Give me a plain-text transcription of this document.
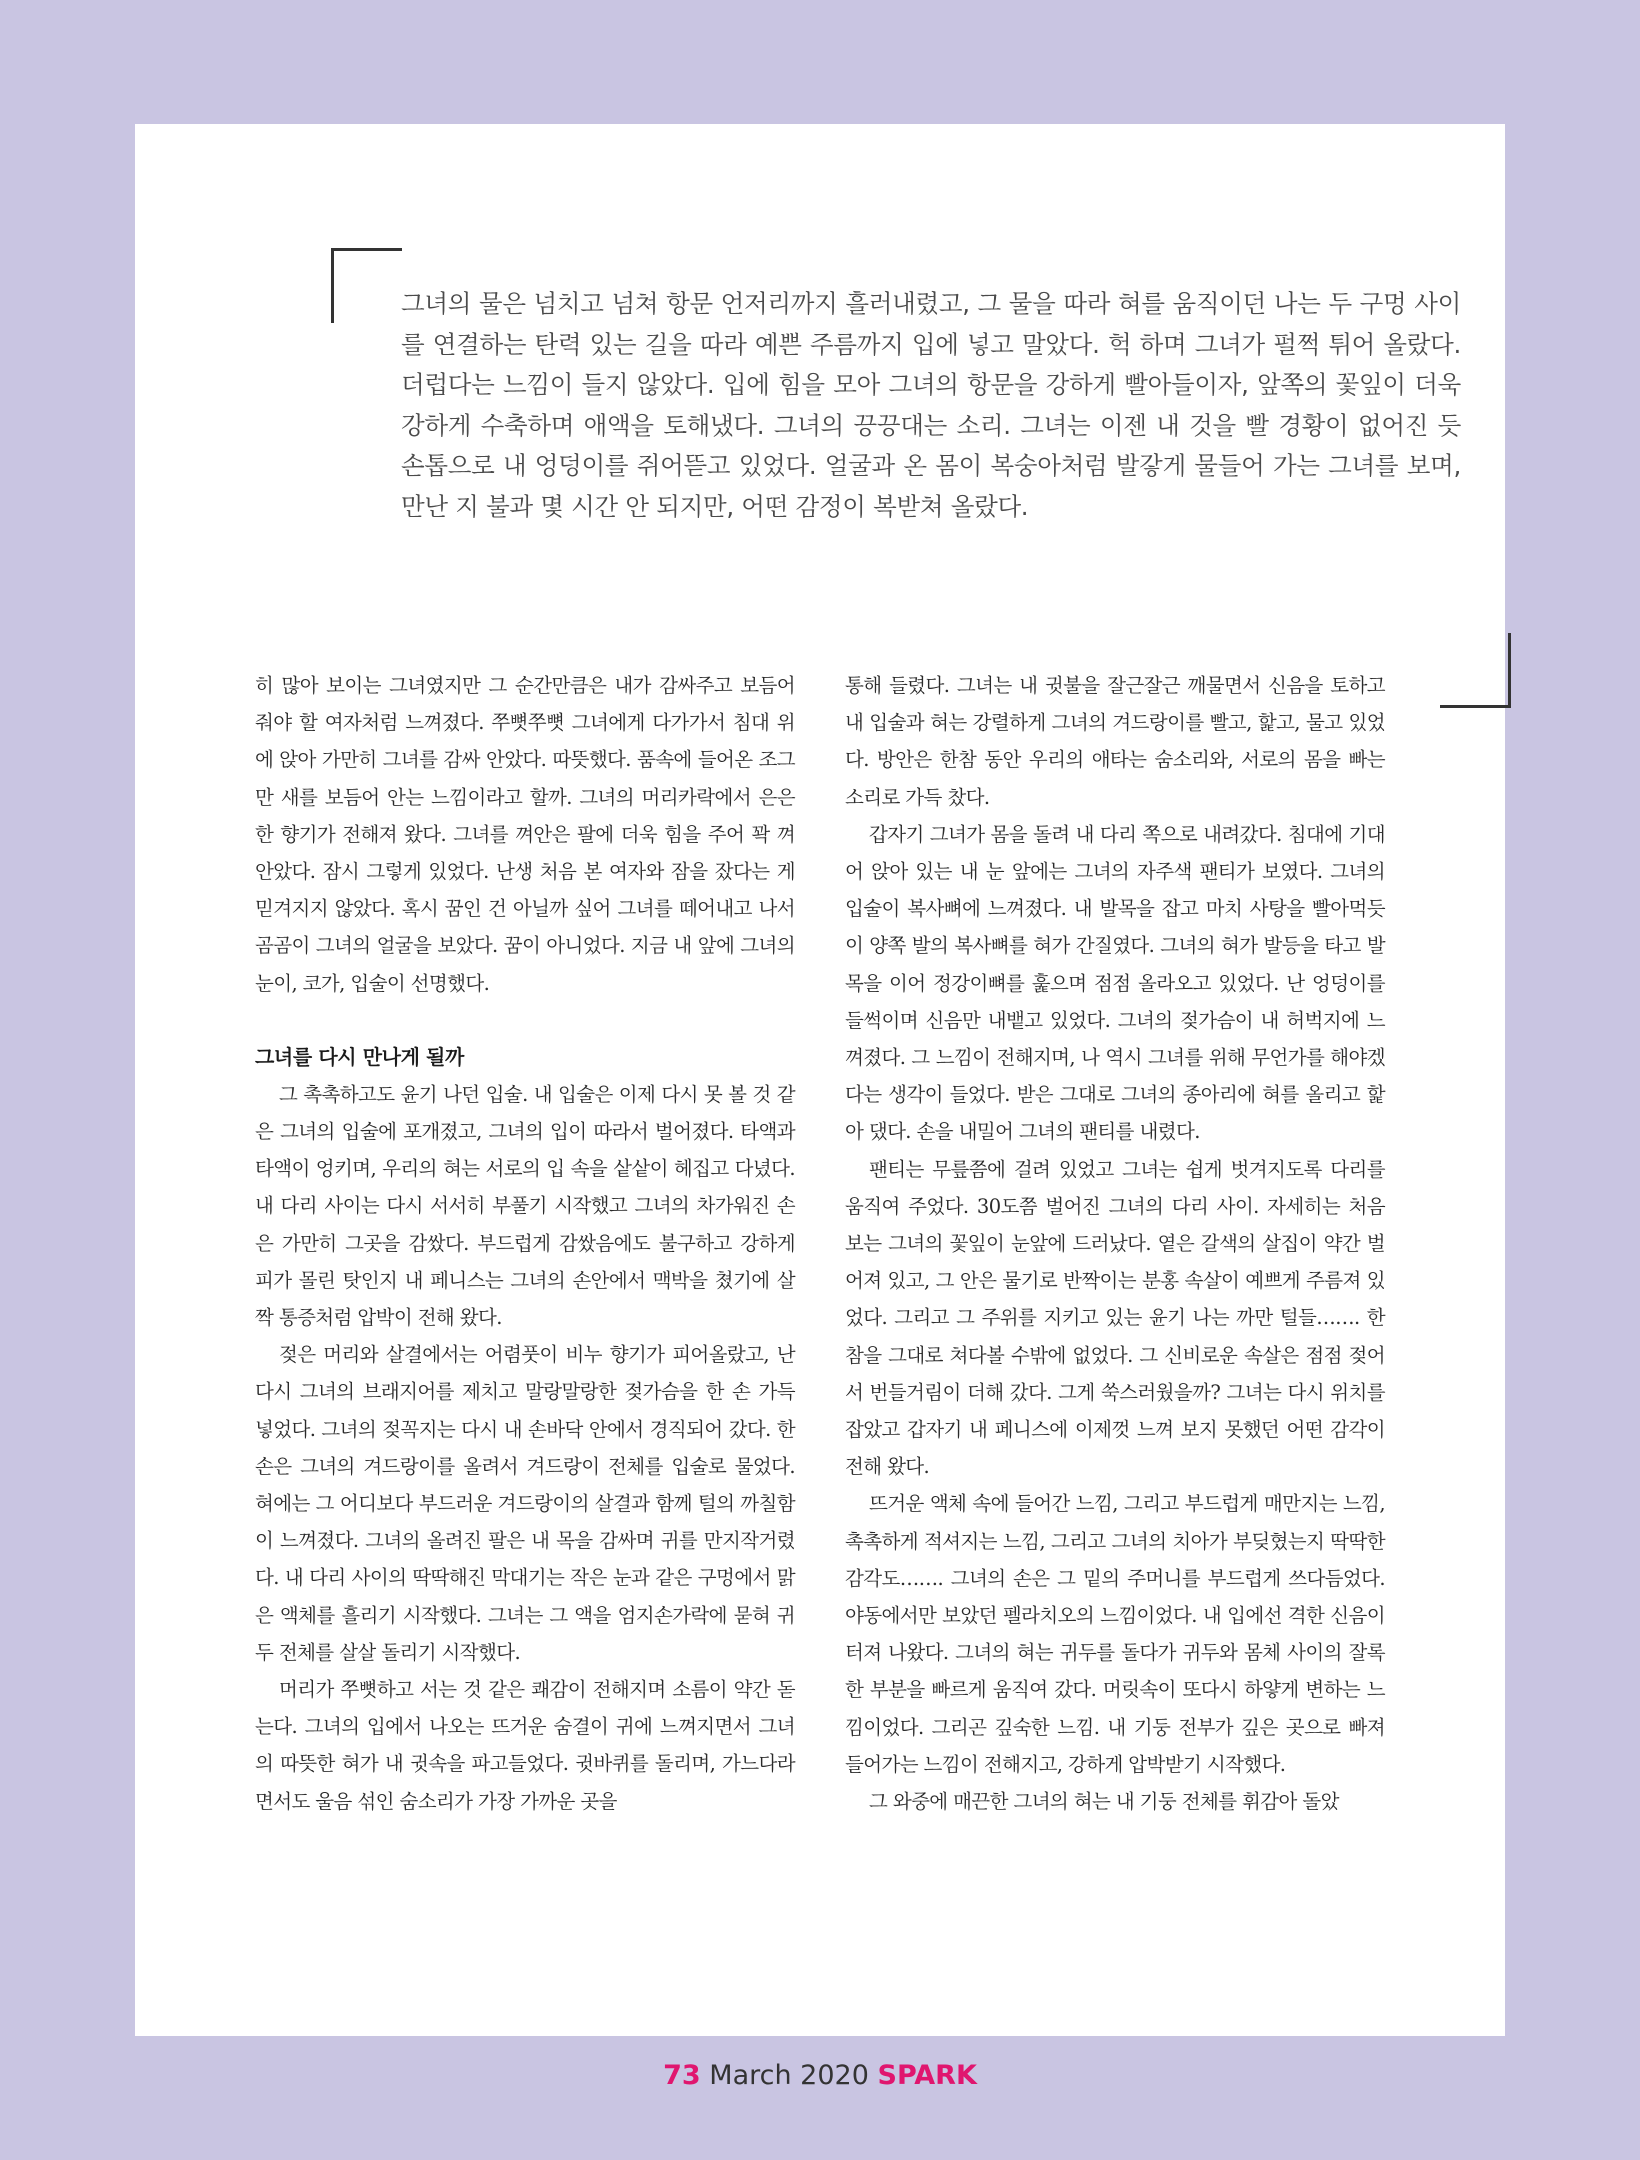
그녀의 물은 넘치고 넘쳐 항문 언저리까지 흘러내렸고, 그 물을 따라 혀를 움직이던 나는 두 구멍 사이를 연결하는 탄력 있는 길을 따라 예쁜 주름까지 입에 넣고 말았다. 헉 하며 그녀가 펄쩍 튀어 올랐다. 더럽다는 느낌이 들지 않았다. 입에 힘을 모아 그녀의 항문을 강하게 빨아들이자, 앞쪽의 꽃잎이 더욱 강하게 수축하며 애액을 토해냈다. 그녀의 끙끙대는 소리. 그녀는 이젠 내 것을 빨 경황이 없어진 듯 손톱으로 내 엉덩이를 쥐어뜯고 있었다. 얼굴과 온 몸이 복숭아처럼 발갛게 물들어 가는 그녀를 보며, 만난 지 불과 몇 시간 안 되지만, 어떤 감정이 복받쳐 올랐다.

히 많아 보이는 그녀였지만 그 순간만큼은 내가 감싸주고 보듬어 줘야 할 여자처럼 느껴졌다. 쭈뼛쭈뼛 그녀에게 다가가서 침대 위에 앉아 가만히 그녀를 감싸 안았다. 따뜻했다. 품속에 들어온 조그만 새를 보듬어 안는 느낌이라고 할까. 그녀의 머리카락에서 은은한 향기가 전해져 왔다. 그녀를 껴안은 팔에 더욱 힘을 주어 꽉 껴안았다. 잠시 그렇게 있었다. 난생 처음 본 여자와 잠을 잤다는 게 믿겨지지 않았다. 혹시 꿈인 건 아닐까 싶어 그녀를 떼어내고 나서 곰곰이 그녀의 얼굴을 보았다. 꿈이 아니었다. 지금 내 앞에 그녀의 눈이, 코가, 입술이 선명했다.

그녀를 다시 만나게 될까

그 촉촉하고도 윤기 나던 입술. 내 입술은 이제 다시 못 볼 것 같은 그녀의 입술에 포개졌고, 그녀의 입이 따라서 벌어졌다. 타액과 타액이 엉키며, 우리의 혀는 서로의 입 속을 샅샅이 헤집고 다녔다. 내 다리 사이는 다시 서서히 부풀기 시작했고 그녀의 차가워진 손은 가만히 그곳을 감쌌다. 부드럽게 감쌌음에도 불구하고 강하게 피가 몰린 탓인지 내 페니스는 그녀의 손안에서 맥박을 쳤기에 살짝 통증처럼 압박이 전해 왔다.

젖은 머리와 살결에서는 어렴풋이 비누 향기가 피어올랐고, 난 다시 그녀의 브래지어를 제치고 말랑말랑한 젖가슴을 한 손 가득 넣었다. 그녀의 젖꼭지는 다시 내 손바닥 안에서 경직되어 갔다. 한 손은 그녀의 겨드랑이를 올려서 겨드랑이 전체를 입술로 물었다. 혀에는 그 어디보다 부드러운 겨드랑이의 살결과 함께 털의 까칠함이 느껴졌다. 그녀의 올려진 팔은 내 목을 감싸며 귀를 만지작거렸다. 내 다리 사이의 딱딱해진 막대기는 작은 눈과 같은 구멍에서 맑은 액체를 흘리기 시작했다. 그녀는 그 액을 엄지손가락에 묻혀 귀두 전체를 살살 돌리기 시작했다.

머리가 쭈뼛하고 서는 것 같은 쾌감이 전해지며 소름이 약간 돋는다. 그녀의 입에서 나오는 뜨거운 숨결이 귀에 느껴지면서 그녀의 따뜻한 혀가 내 귓속을 파고들었다. 귓바퀴를 돌리며, 가느다라면서도 울음 섞인 숨소리가 가장 가까운 곳을

통해 들렸다. 그녀는 내 귓불을 잘근잘근 깨물면서 신음을 토하고 내 입술과 혀는 강렬하게 그녀의 겨드랑이를 빨고, 핥고, 물고 있었다. 방안은 한참 동안 우리의 애타는 숨소리와, 서로의 몸을 빠는 소리로 가득 찼다.

갑자기 그녀가 몸을 돌려 내 다리 쪽으로 내려갔다. 침대에 기대어 앉아 있는 내 눈 앞에는 그녀의 자주색 팬티가 보였다. 그녀의 입술이 복사뼈에 느껴졌다. 내 발목을 잡고 마치 사탕을 빨아먹듯이 양쪽 발의 복사뼈를 혀가 간질였다. 그녀의 혀가 발등을 타고 발목을 이어 정강이뼈를 훑으며 점점 올라오고 있었다. 난 엉덩이를 들썩이며 신음만 내뱉고 있었다. 그녀의 젖가슴이 내 허벅지에 느껴졌다. 그 느낌이 전해지며, 나 역시 그녀를 위해 무언가를 해야겠다는 생각이 들었다. 받은 그대로 그녀의 종아리에 혀를 올리고 핥아 댔다. 손을 내밀어 그녀의 팬티를 내렸다.

팬티는 무릎쯤에 걸려 있었고 그녀는 쉽게 벗겨지도록 다리를 움직여 주었다. 30도쯤 벌어진 그녀의 다리 사이. 자세히는 처음 보는 그녀의 꽃잎이 눈앞에 드러났다. 옅은 갈색의 살집이 약간 벌어져 있고, 그 안은 물기로 반짝이는 분홍 속살이 예쁘게 주름져 있었다. 그리고 그 주위를 지키고 있는 윤기 나는 까만 털들……. 한참을 그대로 쳐다볼 수밖에 없었다. 그 신비로운 속살은 점점 젖어서 번들거림이 더해 갔다. 그게 쑥스러웠을까? 그녀는 다시 위치를 잡았고 갑자기 내 페니스에 이제껏 느껴 보지 못했던 어떤 감각이 전해 왔다.

뜨거운 액체 속에 들어간 느낌, 그리고 부드럽게 매만지는 느낌, 촉촉하게 적셔지는 느낌, 그리고 그녀의 치아가 부딪혔는지 딱딱한 감각도……. 그녀의 손은 그 밑의 주머니를 부드럽게 쓰다듬었다. 야동에서만 보았던 펠라치오의 느낌이었다. 내 입에선 격한 신음이 터져 나왔다. 그녀의 혀는 귀두를 돌다가 귀두와 몸체 사이의 잘록한 부분을 빠르게 움직여 갔다. 머릿속이 또다시 하얗게 변하는 느낌이었다. 그리곤 깊숙한 느낌. 내 기둥 전부가 깊은 곳으로 빠져 들어가는 느낌이 전해지고, 강하게 압박받기 시작했다.

그 와중에 매끈한 그녀의 혀는 내 기둥 전체를 휘감아 돌았

73 March 2020 SPARK
